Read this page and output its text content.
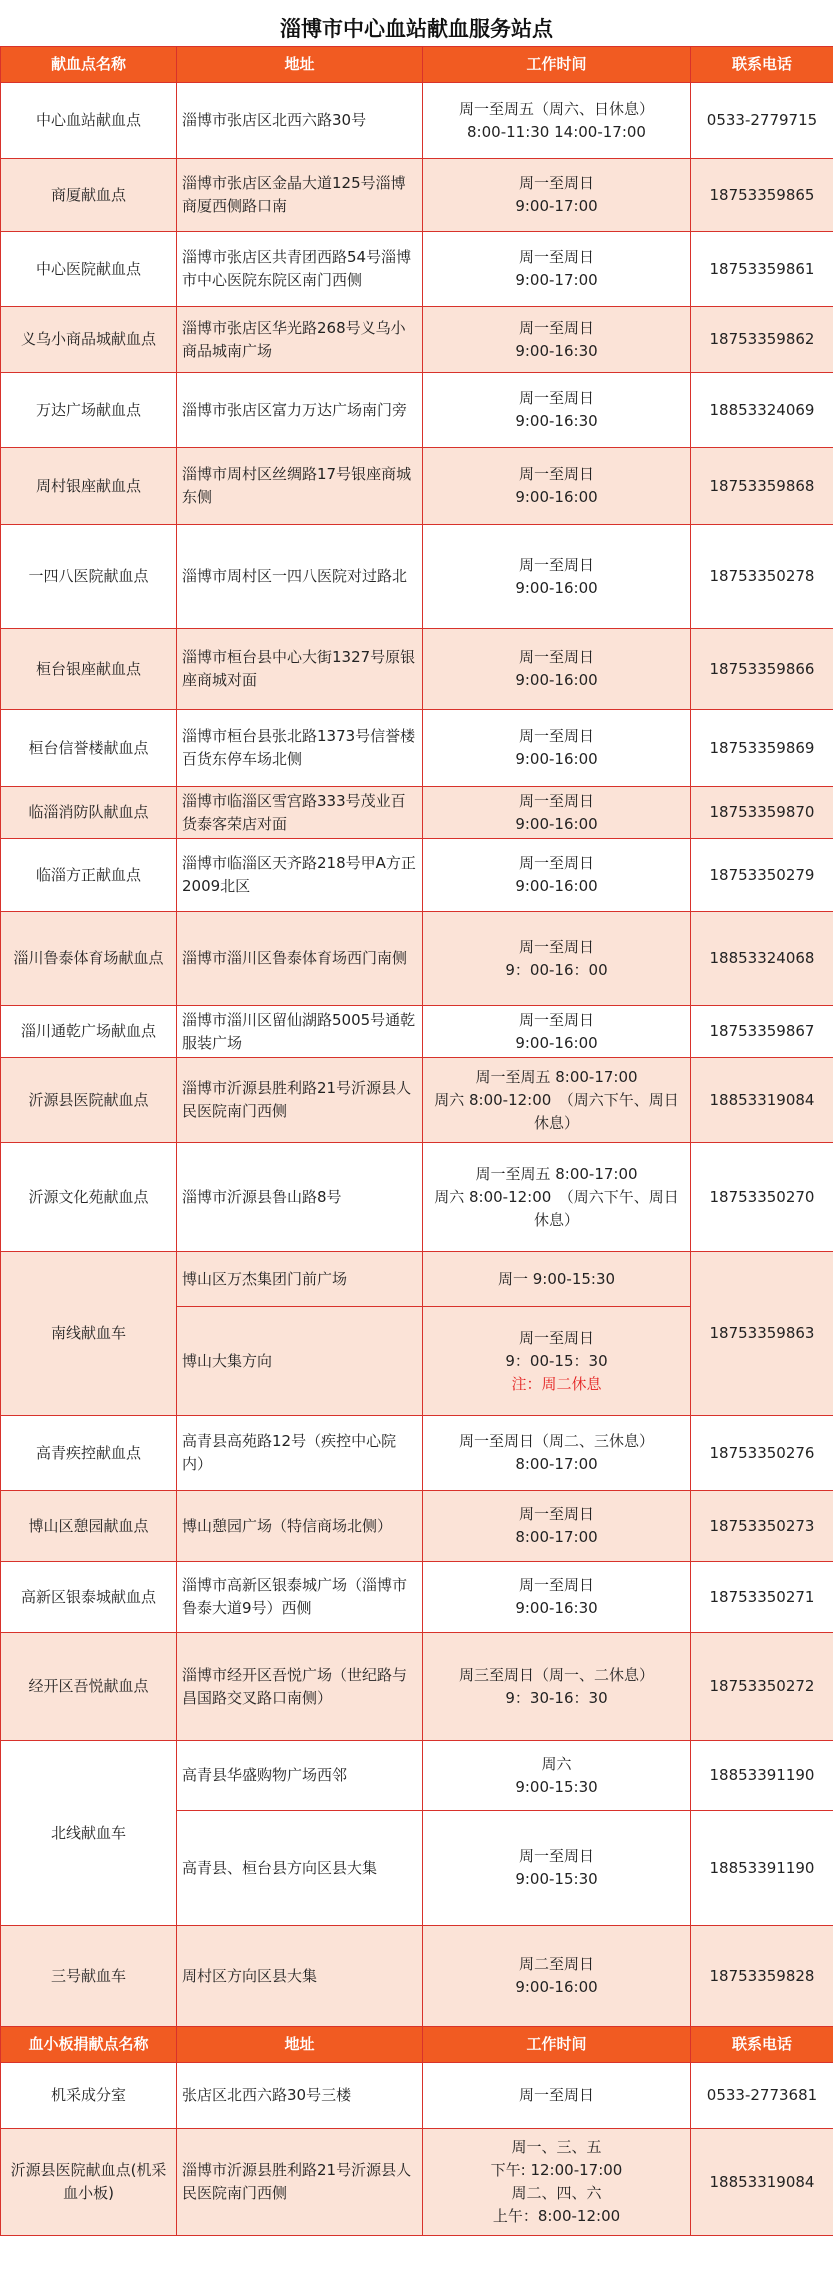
淄博市中心血站献血服务站点
献血点名称	地址	工作时间	联系电话
中心血站献血点	淄博市张店区北西六路30号	周一至周五（周六、日休息）
8:00-11:30 14:00-17:00	0533-2779715
商厦献血点	淄博市张店区金晶大道125号淄博商厦西侧路口南	周一至周日
9:00-17:00	18753359865
中心医院献血点	淄博市张店区共青团西路54号淄博市中心医院东院区南门西侧	周一至周日
9:00-17:00	18753359861
义乌小商品城献血点	淄博市张店区华光路268号义乌小商品城南广场	周一至周日
9:00-16:30	18753359862
万达广场献血点	淄博市张店区富力万达广场南门旁	周一至周日
9:00-16:30	18853324069
周村银座献血点	淄博市周村区丝绸路17号银座商城东侧	周一至周日
9:00-16:00	18753359868
一四八医院献血点	淄博市周村区一四八医院对过路北	周一至周日
9:00-16:00	18753350278
桓台银座献血点	淄博市桓台县中心大街1327号原银座商城对面	周一至周日
9:00-16:00	18753359866
桓台信誉楼献血点	淄博市桓台县张北路1373号信誉楼百货东停车场北侧	周一至周日
9:00-16:00	18753359869
临淄消防队献血点	淄博市临淄区雪宫路333号茂业百货泰客荣店对面	周一至周日
9:00-16:00	18753359870
临淄方正献血点	淄博市临淄区天齐路218号甲A方正2009北区	周一至周日
9:00-16:00	18753350279
淄川鲁泰体育场献血点	淄博市淄川区鲁泰体育场西门南侧	周一至周日
9：00-16：00	18853324068
淄川通乾广场献血点	淄博市淄川区留仙湖路5005号通乾服装广场	周一至周日
9:00-16:00	18753359867
沂源县医院献血点	淄博市沂源县胜利路21号沂源县人民医院南门西侧	周一至周五 8:00-17:00
周六 8:00-12:00　（周六下午、周日
休息）	18853319084
沂源文化苑献血点	淄博市沂源县鲁山路8号	周一至周五 8:00-17:00
周六 8:00-12:00　（周六下午、周日
休息）	18753350270
南线献血车	博山区万杰集团门前广场	周一 9:00-15:30	18753359863
	博山大集方向	周一至周日
9：00-15：30
注：周二休息	

高青疾控献血点	高青县高苑路12号（疾控中心院内）	周一至周日（周二、三休息）
8:00-17:00	18753350276
博山区憩园献血点	博山憩园广场（特信商场北侧）	周一至周日
8:00-17:00	18753350273
高新区银泰城献血点	淄博市高新区银泰城广场（淄博市鲁泰大道9号）西侧	周一至周日
9:00-16:30	18753350271
经开区吾悦献血点	淄博市经开区吾悦广场（世纪路与昌国路交叉路口南侧）	周三至周日（周一、二休息）
9：30-16：30	18753350272
北线献血车	高青县华盛购物广场西邻	周六
9:00-15:30	18853391190
	高青县、桓台县方向区县大集	周一至周日
9:00-15:30	18853391190
三号献血车	周村区方向区县大集	周二至周日
9:00-16:00	18753359828
血小板捐献点名称	地址	工作时间	联系电话
机采成分室	张店区北西六路30号三楼	周一至周日	0533-2773681
沂源县医院献血点(机采血小板)	淄博市沂源县胜利路21号沂源县人民医院南门西侧	周一、三、五
下午: 12:00-17:00
周二、四、六
上午：8:00-12:00	18853319084
